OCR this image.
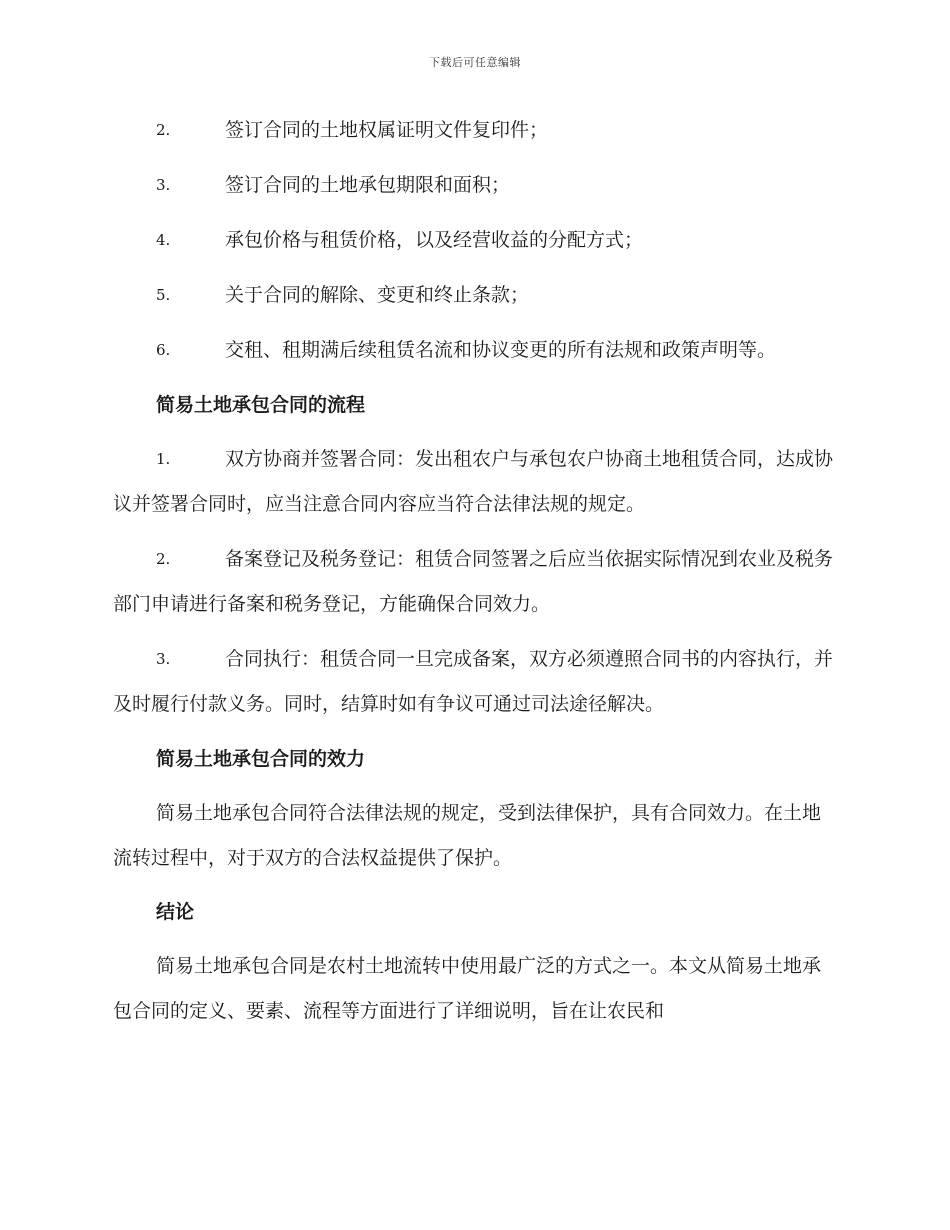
下载后可任意编辑
2.	签订合同的土地权属证明文件复印件；
3.	签订合同的土地承包期限和面积；
4.	承包价格与租赁价格，以及经营收益的分配方式；
5.	关于合同的解除、变更和终止条款；
6.	交租、租期满后续租赁名流和协议变更的所有法规和政策声明等。
简易土地承包合同的流程
1.	双方协商并签署合同：发出租农户与承包农户协商土地租赁合同，达成协议并签署合同时，应当注意合同内容应当符合法律法规的规定。
2.	备案登记及税务登记：租赁合同签署之后应当依据实际情况到农业及税务部门申请进行备案和税务登记，方能确保合同效力。
3.	合同执行：租赁合同一旦完成备案，双方必须遵照合同书的内容执行，并及时履行付款义务。同时，结算时如有争议可通过司法途径解决。
简易土地承包合同的效力
简易土地承包合同符合法律法规的规定，受到法律保护，具有合同效力。在土地流转过程中，对于双方的合法权益提供了保护。
结论
简易土地承包合同是农村土地流转中使用最广泛的方式之一。本文从简易土地承包合同的定义、要素、流程等方面进行了详细说明，旨在让农民和
